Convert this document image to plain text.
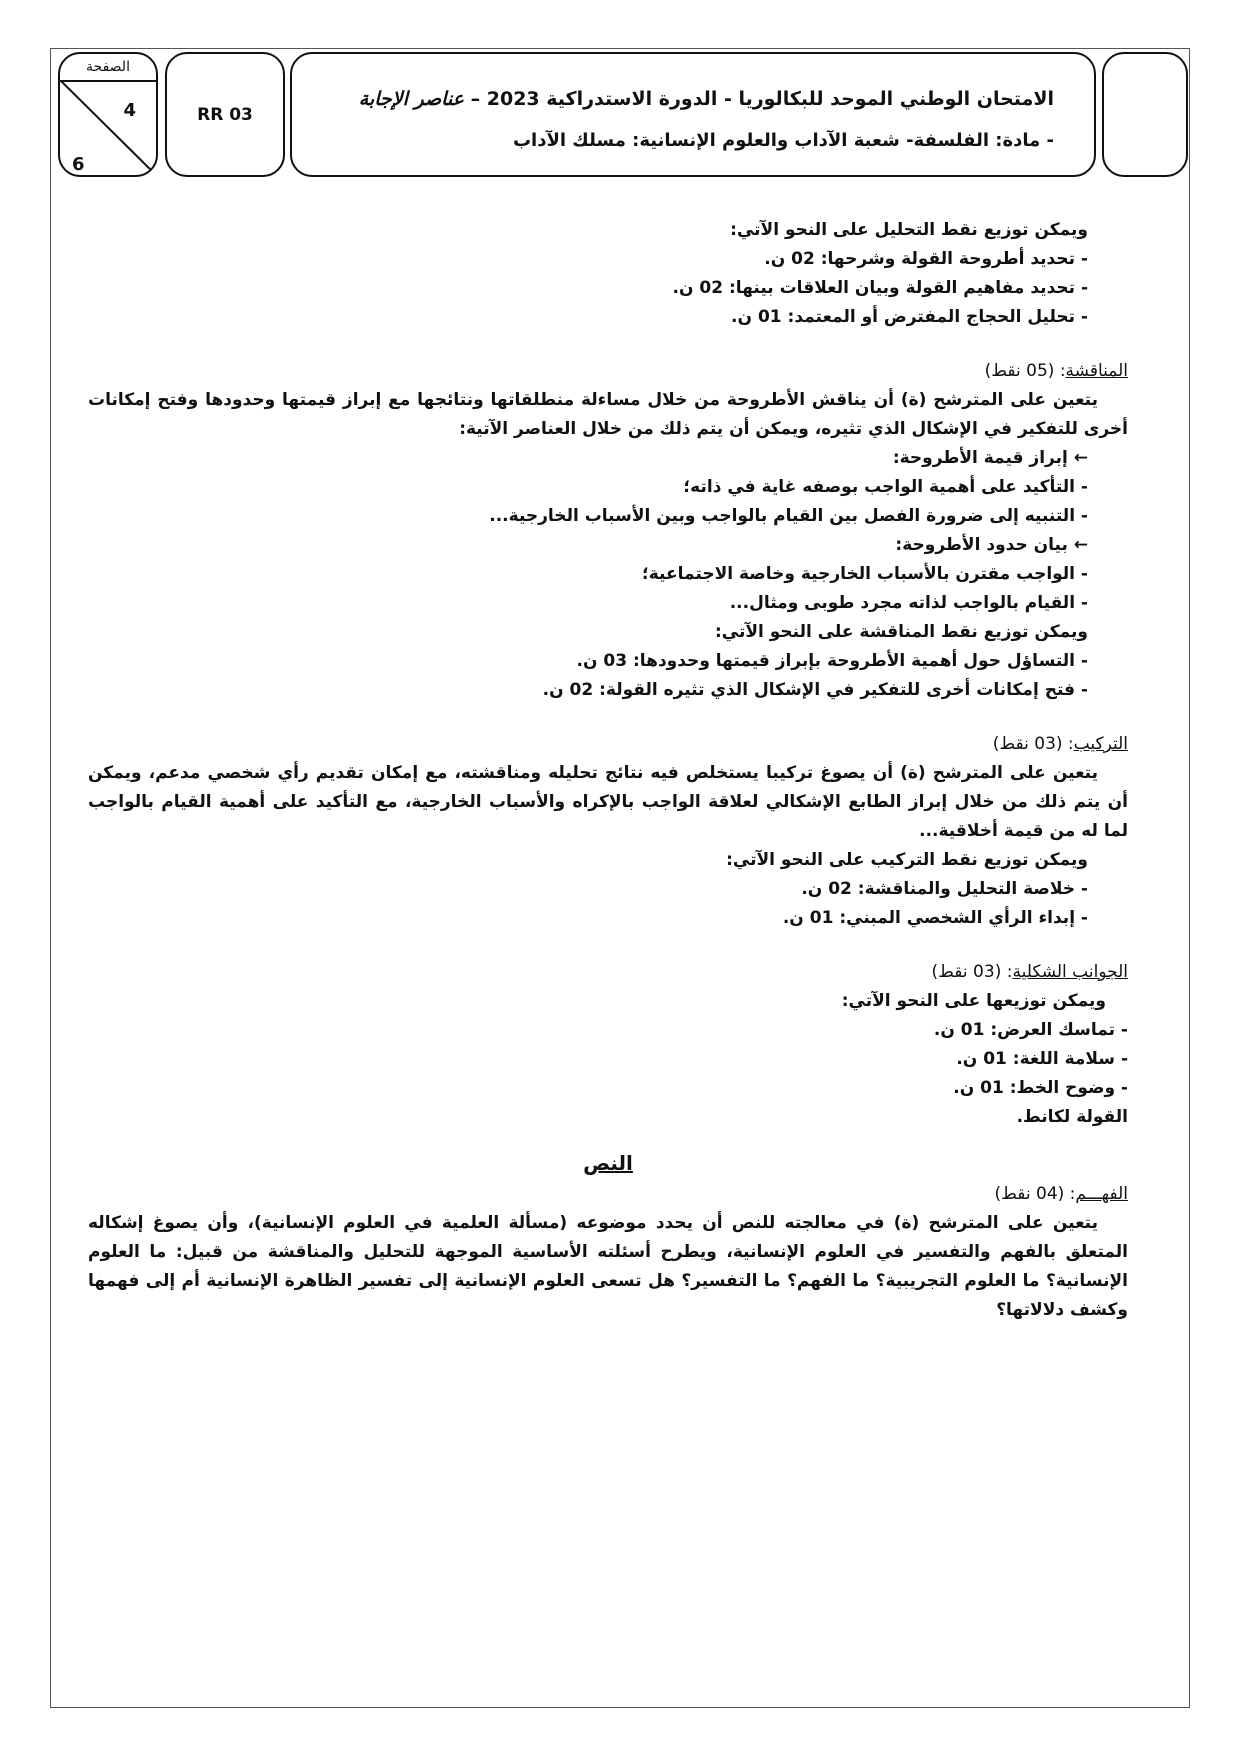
الصفحة
4
6
RR 03
الامتحان الوطني الموحد للبكالوريا - الدورة الاستدراكية 2023 – عناصر الإجابة
- مادة: الفلسفة- شعبة الآداب والعلوم الإنسانية: مسلك الآداب
ويمكن توزيع نقط التحليل على النحو الآتي:
- تحديد أطروحة القولة وشرحها: 02 ن.
- تحديد مفاهيم القولة وبيان العلاقات بينها: 02 ن.
- تحليل الحجاج المفترض أو المعتمد: 01 ن.
المناقشة: (05 نقط)
يتعين على المترشح (ة) أن يناقش الأطروحة من خلال مساءلة منطلقاتها ونتائجها مع إبراز قيمتها وحدودها وفتح إمكانات أخرى للتفكير في الإشكال الذي تثيره، ويمكن أن يتم ذلك من خلال العناصر الآتية:
← إبراز قيمة الأطروحة:
- التأكيد على أهمية الواجب بوصفه غاية في ذاته؛
- التنبيه إلى ضرورة الفصل بين القيام بالواجب وبين الأسباب الخارجية...
← بيان حدود الأطروحة:
- الواجب مقترن بالأسباب الخارجية وخاصة الاجتماعية؛
- القيام بالواجب لذاته مجرد طوبى ومثال...
ويمكن توزيع نقط المناقشة على النحو الآتي:
- التساؤل حول أهمية الأطروحة بإبراز قيمتها وحدودها: 03 ن.
- فتح إمكانات أخرى للتفكير في الإشكال الذي تثيره القولة: 02 ن.
التركيب: (03 نقط)
يتعين على المترشح (ة) أن يصوغ تركيبا يستخلص فيه نتائج تحليله ومناقشته، مع إمكان تقديم رأي شخصي مدعم، ويمكن أن يتم ذلك من خلال إبراز الطابع الإشكالي لعلاقة الواجب بالإكراه والأسباب الخارجية، مع التأكيد على أهمية القيام بالواجب لما له من قيمة أخلاقية...
ويمكن توزيع نقط التركيب على النحو الآتي:
- خلاصة التحليل والمناقشة: 02 ن.
- إبداء الرأي الشخصي المبني: 01 ن.
الجوانب الشكلية: (03 نقط)
ويمكن توزيعها على النحو الآتي:
- تماسك العرض: 01 ن.
- سلامة اللغة: 01 ن.
- وضوح الخط: 01 ن.
القولة لكانط.
النص
الفهـــم: (04 نقط)
يتعين على المترشح (ة) في معالجته للنص أن يحدد موضوعه (مسألة العلمية في العلوم الإنسانية)، وأن يصوغ إشكاله المتعلق بالفهم والتفسير في العلوم الإنسانية، ويطرح أسئلته الأساسية الموجهة للتحليل والمناقشة من قبيل: ما العلوم الإنسانية؟ ما العلوم التجريبية؟ ما الفهم؟ ما التفسير؟ هل تسعى العلوم الإنسانية إلى تفسير الظاهرة الإنسانية أم إلى فهمها وكشف دلالاتها؟
